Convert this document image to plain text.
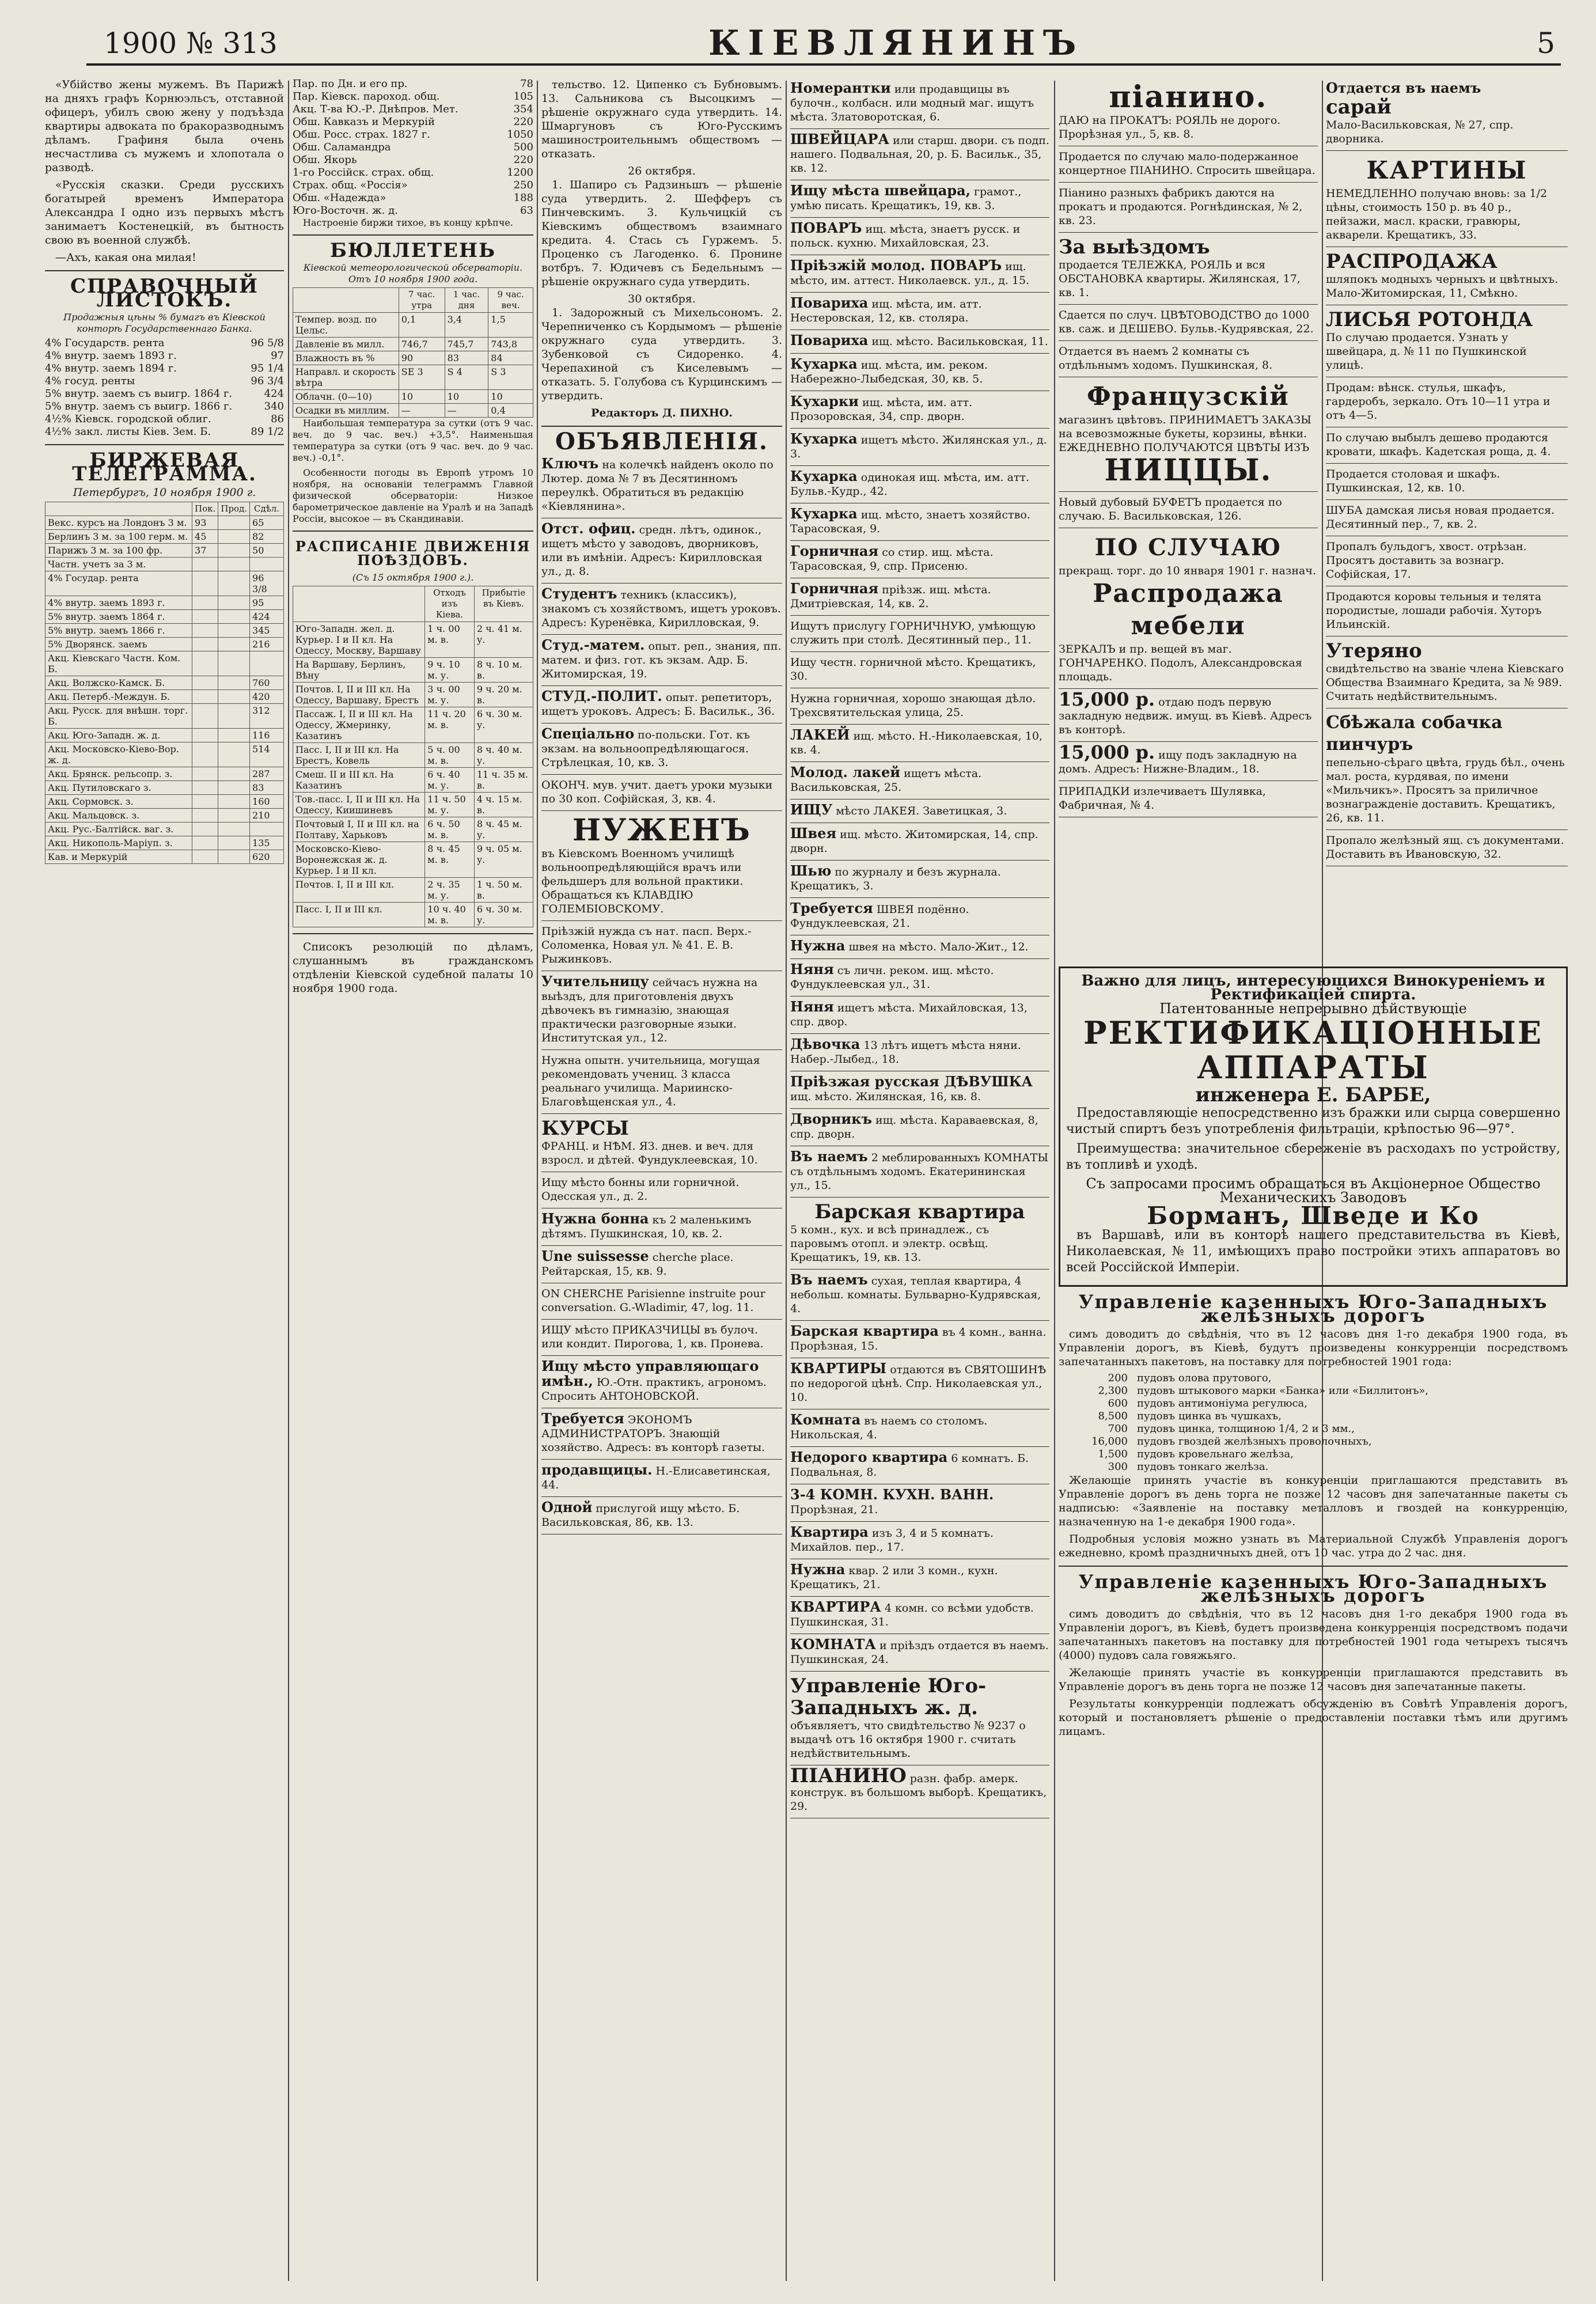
1900 № 313	КІЕВЛЯНИНЪ	5

«Убійство жены мужемъ. Въ Парижѣ на дняхъ графъ Корнюэльсъ, отставной офицеръ, убилъ свою жену у подъѣзда квартиры адвоката по бракоразводнымъ дѣламъ. Графиня была очень несчастлива съ мужемъ и хлопотала о разводѣ.

«Русскія сказки. Среди русскихъ богатырей временъ Императора Александра I одно изъ первыхъ мѣстъ занимаетъ Костенецкій, въ бытность свою въ военной службѣ.

—Ахъ, какая она милая!

СПРАВОЧНЫЙ ЛИСТОКЪ.
Продажныя цѣны % бумагъ въ Кіевской конторѣ Государственнаго Банка.
4% Государств. рента	96 5/8
4% внутр. заемъ 1893 г.	97
4% внутр. заемъ 1894 г.	95 1/4
4% госуд. ренты	96 3/4
5% внутр. заемъ съ выигр. 1864 г.	424
5% внутр. заемъ съ выигр. 1866 г.	340
4½% Кіевск. городской облиг.	86
4½% закл. листы Кіев. Зем. Б.	89 1/2
БИРЖЕВАЯ ТЕЛЕГРАММА.
Петербургъ, 10 ноября 1900 г.
	Пок.	Прод.	Сдѣл.
Векс. курсъ на Лондонъ 3 м.	93		65
Берлинъ 3 м. за 100 герм. м.	45		82
Парижъ 3 м. за 100 фр.	37		50
Частн. учетъ за 3 м.			
4% Государ. рента			96 3/8
4% внутр. заемъ 1893 г.			95
5% внутр. заемъ 1864 г.			424
5% внутр. заемъ 1866 г.			345
5% Дворянск. заемъ			216
Акц. Кіевскаго Частн. Ком. Б.			
Акц. Волжско-Камск. Б.			760
Акц. Петерб.-Междун. Б.			420
Акц. Русск. для внѣшн. торг. Б.			312
Акц. Юго-Западн. ж. д.			116
Акц. Московско-Кіево-Вор. ж. д.			514
Акц. Брянск. рельсопр. з.			287
Акц. Путиловскаго з.			83
Акц. Сормовск. з.			160
Акц. Мальцовск. з.			210
Акц. Рус.-Балтійск. ваг. з.			
Акц. Никополь-Маріуп. з.			135
Кав. и Меркурій			620
Пар. по Дн. и его пр.	78
Пар. Кіевск. пароход. общ.	105
Акц. Т-ва Ю.-Р. Днѣпров. Мет.	354
Обш. Кавказъ и Меркурій	220
Обш. Росс. страх. 1827 г.	1050
Обш. Саламандра	500
Обш. Якорь	220
1-го Россійск. страх. общ.	1200
Страх. общ. «Россія»	250
Обш. «Надежда»	188
Юго-Восточн. ж. д.	63

Настроеніе биржи тихое, въ концу крѣпче.

БЮЛЛЕТЕНЬ
Кіевской метеорологической обсерваторіи. Отъ 10 ноября 1900 года.
	7 час. утра	1 час. дня	9 час. веч.
Темпер. возд. по Цельс.	0,1	3,4	1,5
Давленіе въ милл.	746,7	745,7	743,8
Влажность въ %	90	83	84
Направл. и скорость вѣтра	SE 3	S 4	S 3
Облачн. (0—10)	10	10	10
Осадки въ миллим.	—	—	0,4

Наибольшая температура за сутки (отъ 9 час. веч. до 9 час. веч.) +3,5°. Наименьшая температура за сутки (отъ 9 час. веч. до 9 час. веч.) -0,1°.

Особенности погоды въ Европѣ утромъ 10 ноября, на основаніи телеграммъ Главной физической обсерваторіи: Низкое барометрическое давленіе на Уралѣ и на Западѣ Россіи, высокое — въ Скандинавіи.

РАСПИСАНІЕ ДВИЖЕНІЯ ПОѢЗДОВЪ.
(Съ 15 октября 1900 г.).
	Отходъ изъ Кіева.	Прибытіе въ Кіевъ.
Юго-Западн. жел. д. Курьер. I и II кл. На Одессу, Москву, Варшаву	1 ч. 00 м. в.	2 ч. 41 м. у.
На Варшаву, Берлинъ, Вѣну	9 ч. 10 м. у.	8 ч. 10 м. в.
Почтов. I, II и III кл. На Одессу, Варшаву, Брестъ	3 ч. 00 м. у.	9 ч. 20 м. в.
Пассаж. I, II и III кл. На Одессу, Жмеринку, Казатинъ	11 ч. 20 м. в.	6 ч. 30 м. у.
Пасс. I, II и III кл. На Брестъ, Ковель	5 ч. 00 м. в.	8 ч. 40 м. у.
Смеш. II и III кл. На Казатинъ	6 ч. 40 м. у.	11 ч. 35 м. в.
Тов.-пасс. I, II и III кл. На Одессу, Киишиневъ	11 ч. 50 м. у.	4 ч. 15 м. в.
Почтовый I, II и III кл. на Полтаву, Харьковъ	6 ч. 50 м. в.	8 ч. 45 м. у.
Московско-Кіево-Воронежская ж. д. Курьер. I и II кл.	8 ч. 45 м. в.	9 ч. 05 м. у.
Почтов. I, II и III кл.	2 ч. 35 м. у.	1 ч. 50 м. в.
Пасс. I, II и III кл.	10 ч. 40 м. в.	6 ч. 30 м. у.

Списокъ резолюцій по дѣламъ, слушаннымъ въ гражданскомъ отдѣленіи Кіевской судебной палаты 10 ноября 1900 года.

тельство. 12. Ципенко съ Бубновымъ. 13. Сальникова съ Высоцкимъ — рѣшеніе окружнаго суда утвердить. 14. Шмаргуновъ съ Юго-Русскимъ машиностроительнымъ обществомъ — отказать.

26 октября.

1. Шапиро съ Радзиньшъ — рѣшеніе суда утвердить. 2. Шефферъ съ Пинчевскимъ. 3. Кульчицкій съ Кіевскимъ обществомъ взаимнаго кредита. 4. Стась съ Гуржемъ. 5. Проценко съ Лагоденко. 6. Пронине вотбръ. 7. Юдичевъ съ Бедельнымъ — рѣшеніе окружнаго суда утвердить.

30 октября.

1. Задорожный съ Михельсономъ. 2. Черепниченко съ Кордымомъ — рѣшеніе окружнаго суда утвердить. 3. Зубенковой съ Сидоренко. 4. Черепахиной съ Киселевымъ — отказать. 5. Голубова съ Курцинскимъ — утвердить.

Редакторъ Д. ПИХНО.
ОБЪЯВЛЕНІЯ.
Ключъ на колечкѣ найденъ около по Лютер. дома № 7 въ Десятинномъ переулкѣ. Обратиться въ редакцію «Кіевлянина».
Отст. офиц. средн. лѣтъ, одинок., ищетъ мѣсто у заводовъ, дворниковъ, или въ имѣніи. Адресъ: Кирилловская ул., д. 8.
Студентъ техникъ (классикъ), знакомъ съ хозяйствомъ, ищетъ уроковъ. Адресъ: Куренёвка, Кирилловская, 9.
Студ.-матем. опыт. реп., знания, пп. матем. и физ. гот. къ экзам. Адр. Б. Житомирская, 19.
СТУД.-ПОЛИТ. опыт. репетиторъ, ищетъ уроковъ. Адресъ: Б. Васильк., 36.
Спеціально по-польски. Гот. къ экзам. на вольноопредѣляющагося. Стрѣлецкая, 10, кв. 3.
ОКОНЧ. мув. учит. даетъ уроки музыки по 30 коп. Софійская, 3, кв. 4.
НУЖЕНЪ
въ Кіевскомъ Военномъ училищѣ вольноопредѣляющійся врачъ или фельдшеръ для вольной практики. Обращаться къ КЛАВДІЮ ГОЛЕМБІОВСКОМУ.
Пріѣзжій нужда съ нат. пасп. Верх.-Соломенка, Новая ул. № 41. Е. В. Рыжинковъ.
Учительницу сейчасъ нужна на выѣздъ, для приготовленія двухъ дѣвочекъ въ гимназію, знающая практически разговорные языки. Институтская ул., 12.
Нужна опытн. учительница, могущая рекомендовать учениц. 3 класса реальнаго училища. Мариинско-Благовѣщенская ул., 4.
КУРСЫ
ФРАНЦ. и НѢМ. ЯЗ. днев. и веч. для взросл. и дѣтей. Фундуклеевская, 10.
Ищу мѣсто бонны или горничной. Одесская ул., д. 2.
Нужна бонна къ 2 маленькимъ дѣтямъ. Пушкинская, 10, кв. 2.
Une suissesse cherche place. Рейтарская, 15, кв. 9.
ON CHERCHE Parisienne instruite pour conversation. G.-Wladimir, 47, log. 11.
ИЩУ мѣсто ПРИКАЗЧИЦЫ въ булоч. или кондит. Пирогова, 1, кв. Пронева.
Ищу мѣсто управляющаго имѣн., Ю.-Отн. практикъ, агрономъ. Спросить АНТОНОВСКОЙ.
Требуется ЭКОНОМЪ АДМИНИСТРАТОРЪ. Знающій хозяйство. Адресъ: въ конторѣ газеты.
продавщицы. Н.-Елисаветинская, 44.
Одной прислугой ищу мѣсто. Б. Васильковская, 86, кв. 13.
Номерантки или продавщицы въ булочн., колбасн. или модный маг. ищутъ мѣста. Златоворотская, 6.
ШВЕЙЦАРА или старш. двори. съ подп. нашего. Подвальная, 20, р. Б. Васильк., 35, кв. 12.
Ищу мѣста швейцара, грамот., умѣю писать. Крещатикъ, 19, кв. 3.
ПОВАРЪ ищ. мѣста, знаетъ русск. и польск. кухню. Михайловская, 23.
Пріѣзжій молод. ПОВАРЪ ищ. мѣсто, им. аттест. Николаевск. ул., д. 15.
Повариха ищ. мѣста, им. атт. Нестеровская, 12, кв. столяра.
Повариха ищ. мѣсто. Васильковская, 11.
Кухарка ищ. мѣста, им. реком. Набережно-Лыбедская, 30, кв. 5.
Кухарки ищ. мѣста, им. атт. Прозоровская, 34, спр. дворн.
Кухарка ищетъ мѣсто. Жилянская ул., д. 3.
Кухарка одинокая ищ. мѣста, им. атт. Бульв.-Кудр., 42.
Кухарка ищ. мѣсто, знаетъ хозяйство. Тарасовская, 9.
Горничная со стир. ищ. мѣста. Тарасовская, 9, спр. Присеню.
Горничная пріѣзж. ищ. мѣста. Дмитріевская, 14, кв. 2.
Ищутъ прислугу ГОРНИЧНУЮ, умѣющую служить при столѣ. Десятинный пер., 11.
Ищу честн. горничной мѣсто. Крещатикъ, 30.
Нужна горничная, хорошо знающая дѣло. Трехсвятительская улица, 25.
ЛАКЕЙ ищ. мѣсто. Н.-Николаевская, 10, кв. 4.
Молод. лакей ищетъ мѣста. Васильковская, 25.
ИЩУ мѣсто ЛАКЕЯ. Заветицкая, 3.
Швея ищ. мѣсто. Житомирская, 14, спр. дворн.
Шью по журналу и безъ журнала. Крещатикъ, 3.
Требуется ШВЕЯ подённо. Фундуклеевская, 21.
Нужна швея на мѣсто. Мало-Жит., 12.
Няня съ личн. реком. ищ. мѣсто. Фундуклеевская ул., 31.
Няня ищетъ мѣста. Михайловская, 13, спр. двор.
Дѣвочка 13 лѣтъ ищетъ мѣста няни. Набер.-Лыбед., 18.
Пріѣзжая русская ДѢВУШКА ищ. мѣсто. Жилянская, 16, кв. 8.
Дворникъ ищ. мѣста. Караваевская, 8, спр. дворн.
Въ наемъ 2 меблированныхъ КОМНАТЫ съ отдѣльнымъ ходомъ. Екатерининская ул., 15.
Барская квартира
5 комн., кух. и всѣ принадлеж., съ паровымъ отопл. и электр. освѣщ. Крещатикъ, 19, кв. 13.
Въ наемъ сухая, теплая квартира, 4 небольш. комнаты. Бульварно-Кудрявская, 4.
Барская квартира въ 4 комн., ванна. Прорѣзная, 15.
КВАРТИРЫ отдаются въ СВЯТОШИНѢ по недорогой цѣнѣ. Спр. Николаевская ул., 10.
Комната въ наемъ со столомъ. Никольская, 4.
Недорого квартира 6 комнатъ. Б. Подвальная, 8.
3-4 КОМН. КУХН. ВАНН. Прорѣзная, 21.
Квартира изъ 3, 4 и 5 комнатъ. Михайлов. пер., 17.
Нужна квар. 2 или 3 комн., кухн. Крещатикъ, 21.
КВАРТИРА 4 комн. со всѣми удобств. Пушкинская, 31.
КОМНАТА и пріѣздъ отдается въ наемъ. Пушкинская, 24.
Управленіе Юго-Западныхъ ж. д.
объявляетъ, что свидѣтельство № 9237 о выдачѣ отъ 16 октября 1900 г. считать недѣйствительнымъ.
ПІАНИНО разн. фабр. амерк. конструк. въ большомъ выборѣ. Крещатикъ, 29.
піанино.
ДАЮ на ПРОКАТЪ: РОЯЛЬ не дорого. Прорѣзная ул., 5, кв. 8.
Продается по случаю мало-подержанное концертное ПІАНИНО. Спросить швейцара.
Піанино разныхъ фабрикъ даются на прокатъ и продаются. Рогнѣдинская, № 2, кв. 23.
За выѣздомъ
продается ТЕЛЕЖКА, РОЯЛЬ и вся ОБСТАНОВКА квартиры. Жилянская, 17, кв. 1.
Сдается по случ. ЦВѢТОВОДСТВО до 1000 кв. саж. и ДЕШЕВО. Бульв.-Кудрявская, 22.
Отдается въ наемъ 2 комнаты съ отдѣльнымъ ходомъ. Пушкинская, 8.
Французскій
магазинъ цвѣтовъ. ПРИНИМАЕТЪ ЗАКАЗЫ на всевозможные букеты, корзины, вѣнки. ЕЖЕДНЕВНО ПОЛУЧАЮТСЯ ЦВѢТЫ ИЗЪ
НИЦЦЫ.
Новый дубовый БУФЕТЪ продается по случаю. Б. Васильковская, 126.
ПО СЛУЧАЮ
прекращ. торг. до 10 января 1901 г. назнач.
Распродажа мебели
ЗЕРКАЛЪ и пр. вещей въ маг. ГОНЧАРЕНКО. Подолъ, Александровская площадь.
15,000 р. отдаю подъ первую закладную недвиж. имущ. въ Кіевѣ. Адресъ въ конторѣ.
15,000 р. ищу подъ закладную на домъ. Адресъ: Нижне-Владим., 18.
ПРИПАДКИ излечиваетъ Шулявка, Фабричная, № 4.
Отдается въ наемъ
сарай
Мало-Васильковская, № 27, спр. дворника.
КАРТИНЫ
НЕМЕДЛЕННО получаю вновь: за 1/2 цѣны, стоимость 150 р. въ 40 р., пейзажи, масл. краски, гравюры, акварели. Крещатикъ, 33.
РАСПРОДАЖА
шляпокъ модныхъ черныхъ и цвѣтныхъ. Мало-Житомирская, 11, Смѣкно.
ЛИСЬЯ РОТОНДА
По случаю продается. Узнать у швейцара, д. № 11 по Пушкинской улицѣ.
Продам: вѣнск. стулья, шкафъ, гардеробъ, зеркало. Отъ 10—11 утра и отъ 4—5.
По случаю выбылъ дешево продаются кровати, шкафъ. Кадетская роща, д. 4.
Продается столовая и шкафъ. Пушкинская, 12, кв. 10.
ШУБА дамская лисья новая продается. Десятинный пер., 7, кв. 2.
Пропалъ бульдогъ, хвост. отрѣзан. Просятъ доставить за вознагр. Софійская, 17.
Продаются коровы тельныя и телята породистые, лошади рабочія. Хуторъ Ильинскій.
Утеряно
свидѣтельство на званіе члена Кіевскаго Общества Взаимнаго Кредита, за № 989. Считать недѣйствительнымъ.
Сбѣжала собачка пинчуръ
пепельно-сѣраго цвѣта, грудь бѣл., очень мал. роста, курдявая, по имени «Мильчикъ». Просятъ за приличное вознагражденіе доставить. Крещатикъ, 26, кв. 11.
Пропало желѣзный ящ. съ документами. Доставить въ Ивановскую, 32.
Важно для лицъ, интересующихся Винокуреніемъ и Ректификаціей спирта.
Патентованные непрерывно дѣйствующіе
РЕКТИФИКАЦІОННЫЕ АППАРАТЫ
инженера Е. БАРБЕ,

Предоставляющіе непосредственно изъ бражки или сырца совершенно чистый спиртъ безъ употребленія фильтраціи, крѣпостью 96—97°.

Преимущества: значительное сбереженіе въ расходахъ по устройству, въ топливѣ и уходѣ.

Съ запросами просимъ обращаться въ Акціонерное Общество Механическихъ Заводовъ
Борманъ, Шведе и Ко

въ Варшавѣ, или въ конторѣ нашего представительства въ Кіевѣ, Николаевская, № 11, имѣющихъ право постройки этихъ аппаратовъ во всей Россійской Имперіи.

Управленіе казенныхъ Юго-Западныхъ желѣзныхъ дорогъ

симъ доводитъ до свѣдѣнія, что въ 12 часовъ дня 1-го декабря 1900 года, въ Управленіи дорогъ, въ Кіевѣ, будутъ произведены конкурренціи посредствомъ запечатанныхъ пакетовъ, на поставку для потребностей 1901 года:

200 пудовъ олова прутового,
2,300 пудовъ штыкового марки «Банка» или «Биллитонъ»,
600 пудовъ антимоніума регулюса,
8,500 пудовъ цинка въ чушкахъ,
700 пудовъ цинка, толщиною 1/4, 2 и 3 мм.,
16,000 пудовъ гвоздей желѣзныхъ проволочныхъ,
1,500 пудовъ кровельнаго желѣза,
300 пудовъ тонкаго желѣза.

Желающіе принять участіе въ конкуренціи приглашаются представить въ Управленіе дорогъ въ день торга не позже 12 часовъ дня запечатанные пакеты съ надписью: «Заявленіе на поставку металловъ и гвоздей на конкурренцію, назначенную на 1-е декабря 1900 года».

Подробныя условія можно узнать въ Материальной Службѣ Управленія дорогъ ежедневно, кромѣ праздничныхъ дней, отъ 10 час. утра до 2 час. дня.

Управленіе казенныхъ Юго-Западныхъ желѣзныхъ дорогъ

симъ доводитъ до свѣдѣнія, что въ 12 часовъ дня 1-го декабря 1900 года въ Управленіи дорогъ, въ Кіевѣ, будетъ произведена конкурренція посредствомъ подачи запечатанныхъ пакетовъ на поставку для потребностей 1901 года четырехъ тысячъ (4000) пудовъ сала говяжьяго.

Желающіе принять участіе въ конкурренціи приглашаются представить въ Управленіе дорогъ въ день торга не позже 12 часовъ дня запечатанные пакеты.

Результаты конкурренціи подлежатъ обсужденію въ Совѣтѣ Управленія дорогъ, который и постановляетъ рѣшеніе о предоставленіи поставки тѣмъ или другимъ лицамъ.
